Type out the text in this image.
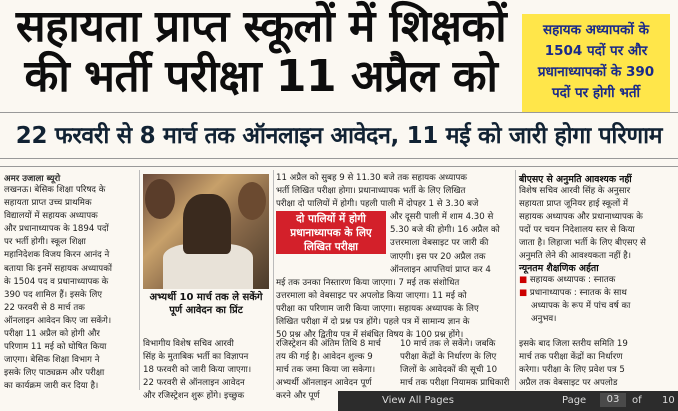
सहायता प्राप्त स्कूलों में शिक्षकों
की भर्ती परीक्षा 11 अप्रैल को
सहायक अध्यापकों के
1504 पदों पर और
प्रधानाध्यापकों के 390
पदों पर होगी भर्ती
22 फरवरी से 8 मार्च तक ऑनलाइन आवेदन, 11 मई को जारी होगा परिणाम
अमर उजाला ब्यूरो

लखनऊ। बेसिक शिक्षा परिषद के

सहायता प्राप्त उच्च प्राथमिक

विद्यालयों में सहायक अध्यापक

और प्रधानाध्यापक के 1894 पदों

पर भर्ती होगी। स्कूल शिक्षा

महानिदेशक विजय किरन आनंद ने

बताया कि इनमें सहायक अध्यापकों

के 1504 पद व प्रधानाध्यापक के

390 पद शामिल हैं। इसके लिए

22 फरवरी से 8 मार्च तक

ऑनलाइन आवेदन किए जा सकेंगे।

परीक्षा 11 अप्रैल को होगी और

परिणाम 11 मई को घोषित किया

जाएगा। बेसिक शिक्षा विभाग ने

इसके लिए पाठ्यक्रम और परीक्षा

का कार्यक्रम जारी कर दिया है।

अभ्यर्थी 10 मार्च तक ले सकेंगे पूर्ण आवेदन का प्रिंट

विभागीय विशेष सचिव आरवी

सिंह के मुताबिक भर्ती का विज्ञापन

18 फरवरी को जारी किया जाएगा।

22 फरवरी से ऑनलाइन आवेदन

और रजिस्ट्रेशन शुरू होंगे। इच्छुक

11 अप्रैल को सुबह 9 से 11.30 बजे तक सहायक अध्यापक

भर्ती लिखित परीक्षा होगा। प्रधानाध्यापक भर्ती के लिए लिखित

परीक्षा दो पालियों में होगी। पहली पाली में दोपहर 1 से 3.30 बजे

और दूसरी पाली में शाम 4.30 से

5.30 बजे की होगी। 16 अप्रैल को

उत्तरमाला वेबसाइट पर जारी की

जाएगी। इस पर 20 अप्रैल तक

ऑनलाइन आपत्तियां प्राप्त कर 4

मई तक उनका निस्तारण किया जाएगा। 7 मई तक संशोधित

उत्तरमाला को वेबसाइट पर अपलोड किया जाएगा। 11 मई को

परीक्षा का परिणाम जारी किया जाएगा। सहायक अध्यापक के लिए

लिखित परीक्षा में दो प्रश्न पत्र होंगे। पहले पत्र में सामान्य ज्ञान के

50 प्रश्न और द्वितीय पत्र में संबंधित विषय के 100 प्रश्न होंगे।

दो पालियों में होगी प्रधानाध्यापक के लिए लिखित परीक्षा

रजिस्ट्रेशन की अंतिम तिथि 8 मार्च

तय की गई है। आवेदन शुल्क 9

मार्च तक जमा किया जा सकेगा।

अभ्यर्थी ऑनलाइन आवेदन पूर्ण

करने और पूर्ण

10 मार्च तक ले सकेंगे। जबकि

परीक्षा केंद्रों के निर्धारण के लिए

जिलों के आवेदकों की सूची 10

मार्च तक परीक्षा नियामक प्राधिकारी

बीएसए से अनुमति आवश्यक नहीं

विशेष सचिव आरवी सिंह के अनुसार

सहायता प्राप्त जूनियर हाई स्कूलों में

सहायक अध्यापक और प्रधानाध्यापक के

पदों पर चयन निदेशालय स्तर से किया

जाता है। लिहाजा भर्ती के लिए बीएसए से

अनुमति लेने की आवश्यकता नहीं है।

न्यूनतम शैक्षणिक अर्हता

■ सहायक अध्यापक : स्नातक

■ प्रधानाध्यापक : स्नातक के साथ

अध्यापक के रूप में पांच वर्ष का

अनुभव।

इसके बाद जिला स्तरीय समिति 19

मार्च तक परीक्षा केंद्रों का निर्धारण

करेगा। परीक्षा के लिए प्रवेश पत्र 5

अप्रैल तक वेबसाइट पर अपलोड

View All Pages	Page	03	of 10
